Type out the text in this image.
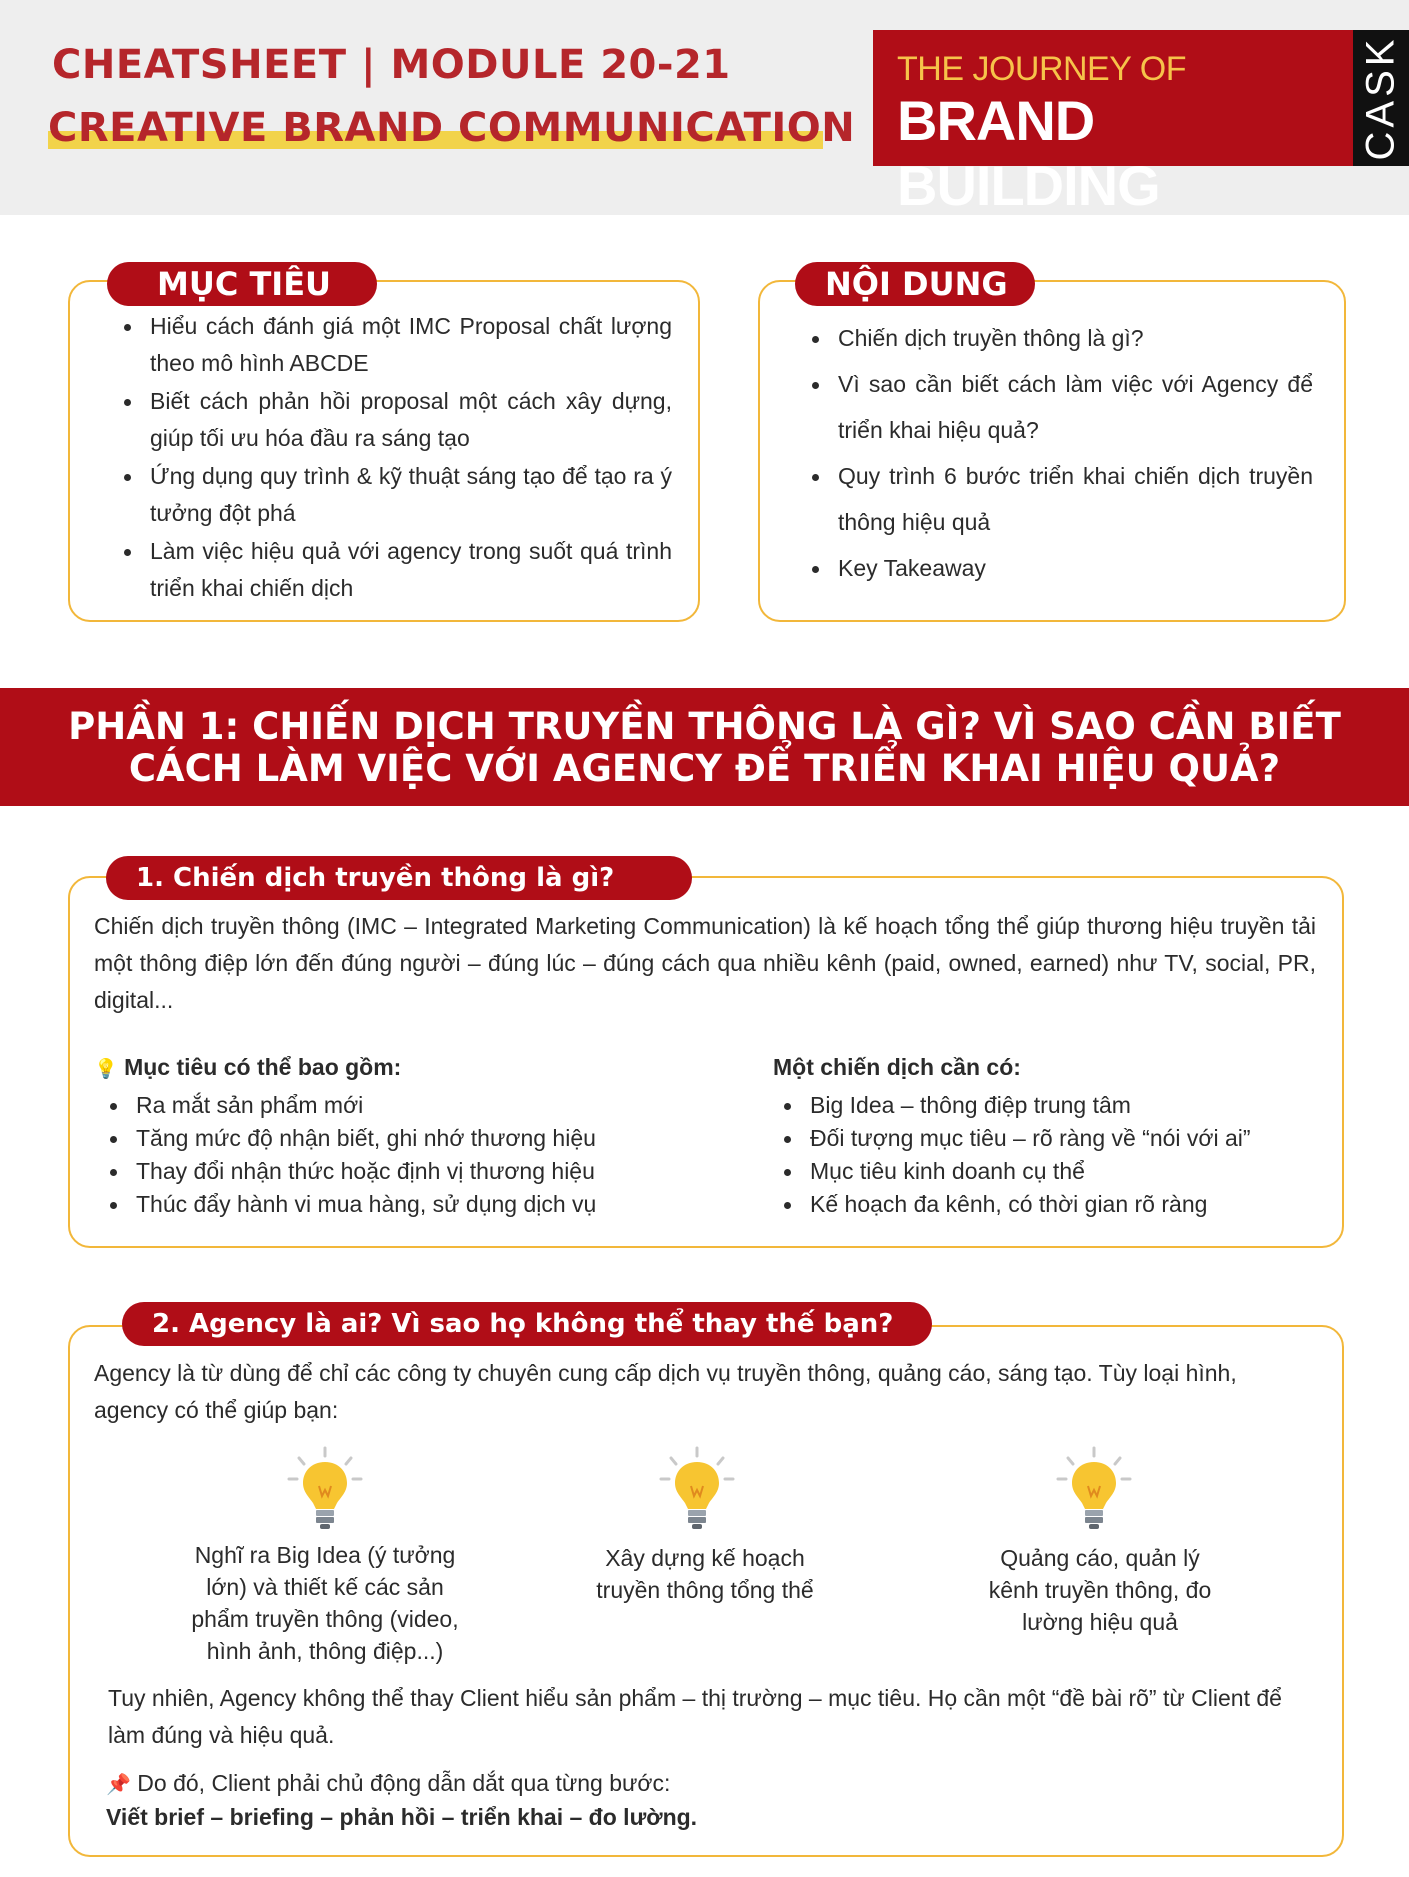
CHEATSHEET | MODULE 20-21
CREATIVE BRAND COMMUNICATION
THE JOURNEY OF
BRAND BUILDING
CASK
MỤC TIÊU
Hiểu cách đánh giá một IMC Proposal chất lượng theo mô hình ABCDE
Biết cách phản hồi proposal một cách xây dựng, giúp tối ưu hóa đầu ra sáng tạo
Ứng dụng quy trình & kỹ thuật sáng tạo để tạo ra ý tưởng đột phá
Làm việc hiệu quả với agency trong suốt quá trình triển khai chiến dịch
NỘI DUNG
Chiến dịch truyền thông là gì?
Vì sao cần biết cách làm việc với Agency để triển khai hiệu quả?
Quy trình 6 bước triển khai chiến dịch truyền thông hiệu quả
Key Takeaway
PHẦN 1: CHIẾN DỊCH TRUYỀN THÔNG LÀ GÌ? VÌ SAO CẦN BIẾT
CÁCH LÀM VIỆC VỚI AGENCY ĐỂ TRIỂN KHAI HIỆU QUẢ?
1. Chiến dịch truyền thông là gì?
Chiến dịch truyền thông (IMC – Integrated Marketing Communication) là kế hoạch tổng thể giúp thương hiệu truyền tải một thông điệp lớn đến đúng người – đúng lúc – đúng cách qua nhiều kênh (paid, owned, earned) như TV, social, PR, digital...
💡 Mục tiêu có thể bao gồm:
Ra mắt sản phẩm mới
Tăng mức độ nhận biết, ghi nhớ thương hiệu
Thay đổi nhận thức hoặc định vị thương hiệu
Thúc đẩy hành vi mua hàng, sử dụng dịch vụ
Một chiến dịch cần có:
Big Idea – thông điệp trung tâm
Đối tượng mục tiêu – rõ ràng về “nói với ai”
Mục tiêu kinh doanh cụ thể
Kế hoạch đa kênh, có thời gian rõ ràng
2. Agency là ai? Vì sao họ không thể thay thế bạn?
Agency là từ dùng để chỉ các công ty chuyên cung cấp dịch vụ truyền thông, quảng cáo, sáng tạo. Tùy loại hình, agency có thể giúp bạn:
Nghĩ ra Big Idea (ý tưởng
lớn) và thiết kế các sản
phẩm truyền thông (video,
hình ảnh, thông điệp...)
Xây dựng kế hoạch
truyền thông tổng thể
Quảng cáo, quản lý
kênh truyền thông, đo
lường hiệu quả
Tuy nhiên, Agency không thể thay Client hiểu sản phẩm – thị trường – mục tiêu. Họ cần một “đề bài rõ” từ Client để làm đúng và hiệu quả.
📌 Do đó, Client phải chủ động dẫn dắt qua từng bước:
Viết brief – briefing – phản hồi – triển khai – đo lường.
